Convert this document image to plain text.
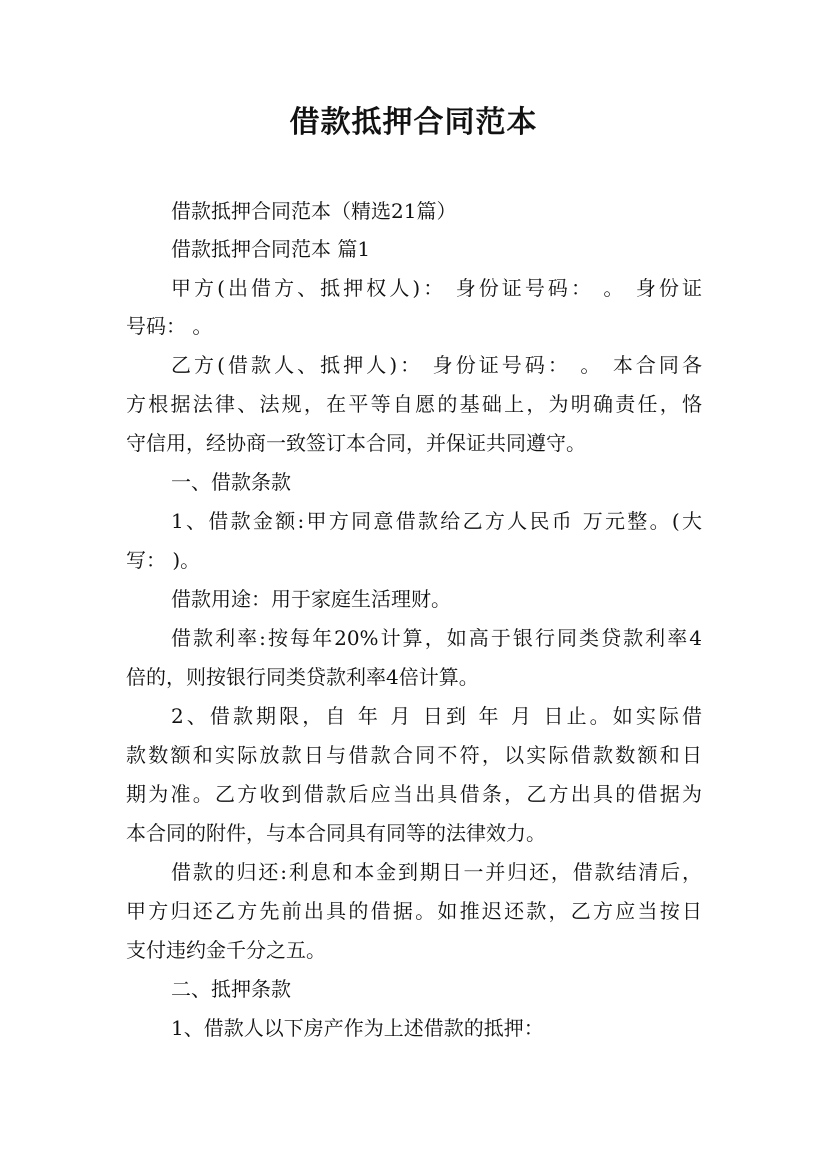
借款抵押合同范本
借款抵押合同范本（精选21篇）
借款抵押合同范本 篇1
甲方(出借方、抵押权人)： 身份证号码： 。 身份证
号码： 。
乙方(借款人、抵押人)： 身份证号码： 。 本合同各
方根据法律、法规，在平等自愿的基础上，为明确责任，恪
守信用，经协商一致签订本合同，并保证共同遵守。
一、借款条款
1、借款金额:甲方同意借款给乙方人民币 万元整。(大
写： )。
借款用途：用于家庭生活理财。
借款利率:按每年20%计算，如高于银行同类贷款利率4
倍的，则按银行同类贷款利率4倍计算。
2、借款期限，自 年 月 日到 年 月 日止。如实际借
款数额和实际放款日与借款合同不符，以实际借款数额和日
期为准。乙方收到借款后应当出具借条，乙方出具的借据为
本合同的附件，与本合同具有同等的法律效力。
借款的归还:利息和本金到期日一并归还，借款结清后，
甲方归还乙方先前出具的借据。如推迟还款，乙方应当按日
支付违约金千分之五。
二、抵押条款
1、借款人以下房产作为上述借款的抵押：
